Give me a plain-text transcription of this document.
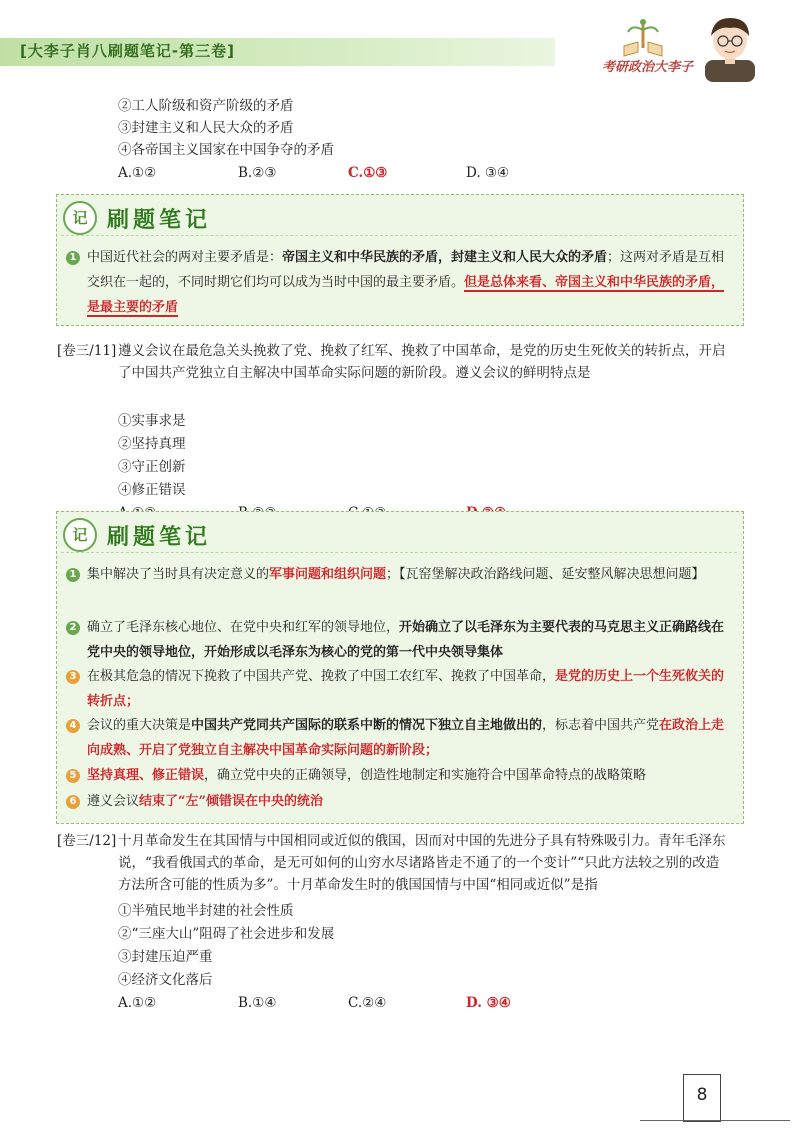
[大李子肖八刷题笔记-第三卷]
考研政治大李子
②工人阶级和资产阶级的矛盾
③封建主义和人民大众的矛盾
④各帝国主义国家在中国争夺的矛盾
A.①②	B.②③	C.①③	D. ③④
记 刷题笔记
1 中国近代社会的两对主要矛盾是：帝国主义和中华民族的矛盾，封建主义和人民大众的矛盾；这两对矛盾是互相交织在一起的，不同时期它们均可以成为当时中国的最主要矛盾。但是总体来看、帝国主义和中华民族的矛盾，是最主要的矛盾
[卷三/11] 遵义会议在最危急关头挽救了党、挽救了红军、挽救了中国革命，是党的历史生死攸关的转折点，开启了中国共产党独立自主解决中国革命实际问题的新阶段。遵义会议的鲜明特点是
①实事求是
②坚持真理
③守正创新
④修正错误
记 刷题笔记
1 集中解决了当时具有决定意义的军事问题和组织问题；【瓦窑堡解决政治路线问题、延安整风解决思想问题】
2 确立了毛泽东核心地位、在党中央和红军的领导地位，开始确立了以毛泽东为主要代表的马克思主义正确路线在党中央的领导地位，开始形成以毛泽东为核心的党的第一代中央领导集体
3 在极其危急的情况下挽救了中国共产党、挽救了中国工农红军、挽救了中国革命，是党的历史上一个生死攸关的转折点；
4 会议的重大决策是中国共产党同共产国际的联系中断的情况下独立自主地做出的，标志着中国共产党在政治上走向成熟、开启了党独立自主解决中国革命实际问题的新阶段；
5 坚持真理、修正错误，确立党中央的正确领导，创造性地制定和实施符合中国革命特点的战略策略
6 遵义会议结束了“左”倾错误在中央的统治
[卷三/12] 十月革命发生在其国情与中国相同或近似的俄国，因而对中国的先进分子具有特殊吸引力。青年毛泽东说，“我看俄国式的革命，是无可如何的山穷水尽诸路皆走不通了的一个变计”“只此方法较之别的改造方法所含可能的性质为多”。十月革命发生时的俄国国情与中国“相同或近似”是指
①半殖民地半封建的社会性质
②“三座大山”阻碍了社会进步和发展
③封建压迫严重
④经济文化落后
A.①②	B.①④	C.②④	D. ③④
8
